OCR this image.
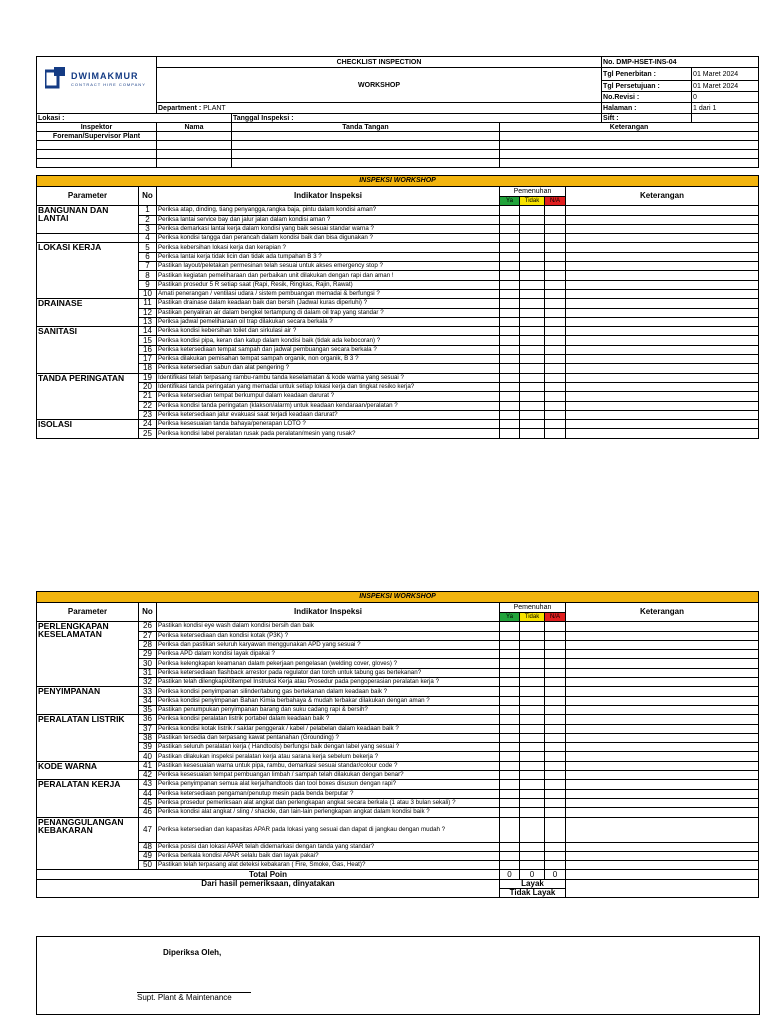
DWIMAKMUR
CONTRACT HIRE COMPANY	CHECKLIST INSPECTION			No. DMP-HSET-INS-04	
	WORKSHOP			Tgl Penerbitan :	01 Maret 2024
				Tgl Persetujuan :	01 Maret 2024
				No.Revisi :	0
	Department : PLANT			Halaman :	1 dari 1
Lokasi :		Tanggal Inspeksi :		Sift :	
Inspektor	Nama	Tanda Tangan	Keterangan		
Foreman/Supervisor Plant					

INSPEKSI WORKSHOP						
Parameter	No	Indikator Inspeksi	Pemenuhan			Keterangan
			Ya	Tidak	N/A	
BANGUNAN DAN LANTAI	1	Periksa atap, dinding, tiang penyangga,rangka baja, pintu dalam kondisi aman?				
	2	Periksa lantai service bay dan jalur jalan dalam kondisi aman ?				
	3	Periksa demarkasi lantai kerja dalam kondisi yang baik sesuai standar warna ?				
	4	Periksa kondisi tangga dan perancah dalam kondisi baik dan bisa digunakan ?				
LOKASI KERJA	5	Periksa kebersihan lokasi kerja dan kerapian ?				
	6	Periksa lantai kerja tidak licin dan tidak ada tumpahan B 3 ?				
	7	Pastikan layout/peletakan permesinan telah sesuai untuk akses emergency stop ?				
	8	Pastikan kegiatan pemeliharaan dan perbaikan unit dilakukan dengan rapi dan aman !				
	9	Pastikan prosedur 5 R setiap saat (Rapi, Resik, Ringkas, Rajin, Rawat)				
	10	Amati penerangan / ventilasi udara / sistem pembuangan memadai & berfungsi ?				
DRAINASE	11	Pastikan drainase dalam keadaan baik dan bersih (Jadwal kuras diperluhi) ?				
	12	Pastikan penyaliran air dalam bengkel tertampung di dalam oil trap yang standar ?				
	13	Periksa jadwal pemeliharaan oil trap dilakukan secara berkala ?				
SANITASI	14	Periksa kondisi kebersihan toilet dan sirkulasi air ?				
	15	Periksa kondisi pipa, keran dan katup dalam kondisi baik (tidak ada kebocoran) ?				
	16	Periksa ketersediaan tempat sampah dan jadwal pembuangan secara berkala ?				
	17	Periksa dilakukan pemisahan tempat sampah organik, non organik, B 3 ?				
	18	Periksa ketersedian sabun dan alat pengering ?				
TANDA PERINGATAN	19	Identifikasi telah terpasang rambu-rambu tanda keselamatan & kode warna yang sesuai ?				
	20	Identifikasi tanda peringatan yang memadai untuk setiap lokasi kerja dan tingkat resiko kerja?				
	21	Periksa ketersedian tempat berkumpul dalam keadaan darurat ?				
	22	Periksa kondisi tanda peringatan (klakson/alarm) untuk keadaan kendaraan/peralatan ?				
	23	Periksa ketersediaan jalur evakuasi saat terjadi keadaan darurat?				
ISOLASI	24	Periksa kesesuaian tanda bahaya/penerapan LOTO ?				
	25	Periksa kondisi label peralatan rusak pada peralatan/mesin yang rusak?				
INSPEKSI WORKSHOP						
Parameter	No	Indikator Inspeksi	Pemenuhan			Keterangan
			Ya	Tidak	N/A	
PERLENGKAPAN KESELAMATAN	26	Pastikan kondisi eye wash dalam kondisi bersih dan baik				
	27	Periksa ketersediaan dan kondisi kotak (P3K) ?				
	28	Periksa dan pastikan seluruh karyawan menggunakan APD yang sesuai ?				
	29	Periksa APD dalam kondisi layak dipakai ?				
	30	Periksa kelengkapan keamanan dalam pekerjaan pengelasan (welding cover, gloves) ?				
	31	Periksa ketersediaan flashback arrestor pada regulator dan torch untuk tabung gas bertekanan?				
	32	Pastikan telah dilengkapi/ditempel Instruksi Kerja atau Prosedur pada pengoperasian peralatan kerja ?				
PENYIMPANAN	33	Periksa kondisi penyimpanan silinder/tabung gas bertekanan dalam keadaan baik ?				
	34	Periksa kondisi penyimpanan Bahan Kimia berbahaya & mudah terbakar dilakukan dengan aman ?				
	35	Pastikan penumpukan penyimpanan barang dan suku cadang rapi & bersih?				
PERALATAN LISTRIK	36	Periksa kondisi peralatan listrik portabel dalam keadaan baik ?				
	37	Periksa kondisi kotak listrik / saklar penggerak / kabel / pelabelan dalam keadaan baik ?				
	38	Pastikan tersedia dan terpasang kawat pentanahan (Grounding) ?				
	39	Pastikan seluruh peralatan kerja ( Handtools) berfungsi baik dengan label yang sesuai ?				
	40	Pastikan dilakukan inspeksi peralatan kerja atau sarana kerja sebelum bekerja ?				
KODE WARNA	41	Pastikan kesesuaian warna untuk pipa, rambu, demarkasi sesuai standar/colour code ?				
	42	Periksa kesesuaian tempat pembuangan limbah / sampah telah dilakukan dengan benar?				
PERALATAN KERJA	43	Periksa penyimpanan semua alat kerja/handtools dan tool boxes disusun dengan rapi?				
	44	Periksa ketersediaan pengaman/penutup mesin pada benda berputar ?				
	45	Periksa prosedur pemeriksaan alat angkat dan perlengkapan angkat secara berkala (1 atau 3 bulan sekali) ?				
	46	Periksa kondisi alat angkat / sling / shackle, dan lain-lain perlengkapan angkat dalam kondisi baik ?				
PENANGGULANGAN KEBAKARAN	47	Periksa ketersedian dan kapasitas APAR pada lokasi yang sesuai dan dapat di jangkau dengan mudah ?				
	48	Periksa posisi dan lokasi APAR telah didemarkasi dengan tanda yang standar?				
	49	Periksa berkala kondisi APAR selalu baik dan layak pakai?				
	50	Pastikan telah terpasang alat deteksi kebakaran ( Fire, Smoke, Gas, Heat)?				
Total Poin			0	0	0	
Dari hasil pemeriksaan, dinyatakan			Layak			
			Tidak Layak			
Diperiksa Oleh,
Supt. Plant & Maintenance
